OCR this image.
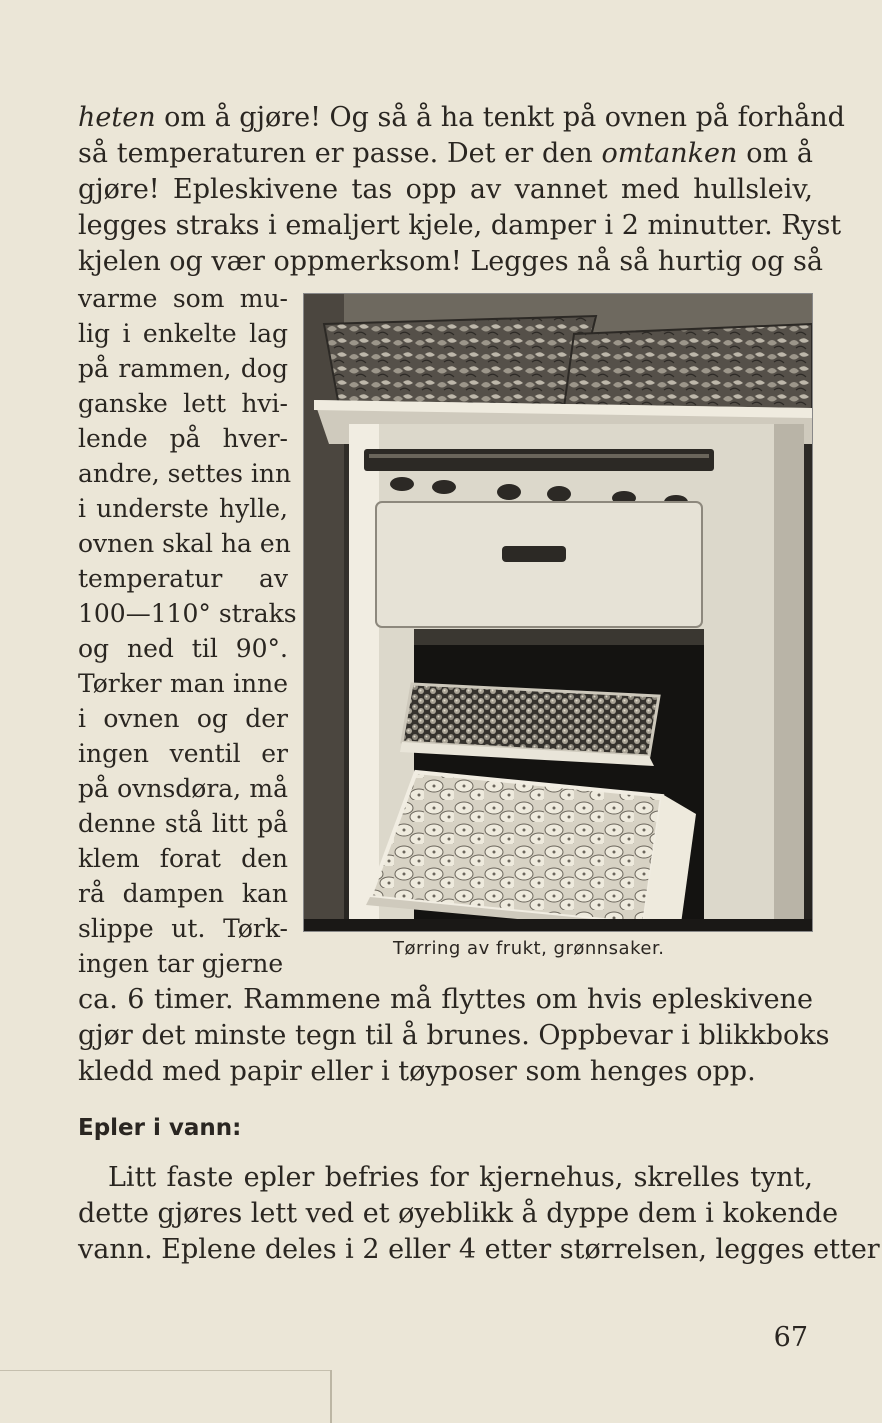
heten om å gjøre! Og så å ha tenkt på ovnen på forhånd
så temperaturen er passe. Det er den omtanken om å
gjøre! Epleskivene tas opp av vannet med hullsleiv,
legges straks i emaljert kjele, damper i 2 minutter. Ryst
kjelen og vær oppmerksom! Legges nå så hurtig og så
varme som mu-
lig i enkelte lag
på rammen, dog
ganske lett hvi-
lende på hver-
andre, settes inn
i underste hylle,
ovnen skal ha en
temperatur av
100—110° straks
og ned til 90°.
Tørker man inne
i ovnen og der
ingen ventil er
på ovnsdøra, må
denne stå litt på
klem forat den
rå dampen kan
slippe ut. Tørk-
ingen tar gjerne
Tørring av frukt, grønnsaker.
ca. 6 timer. Rammene må flyttes om hvis epleskivene
gjør det minste tegn til å brunes. Oppbevar i blikkboks
kledd med papir eller i tøyposer som henges opp.
Epler i vann:
Litt faste epler befries for kjernehus, skrelles tynt,
dette gjøres lett ved et øyeblikk å dyppe dem i kokende
vann. Eplene deles i 2 eller 4 etter størrelsen, legges etter
67
